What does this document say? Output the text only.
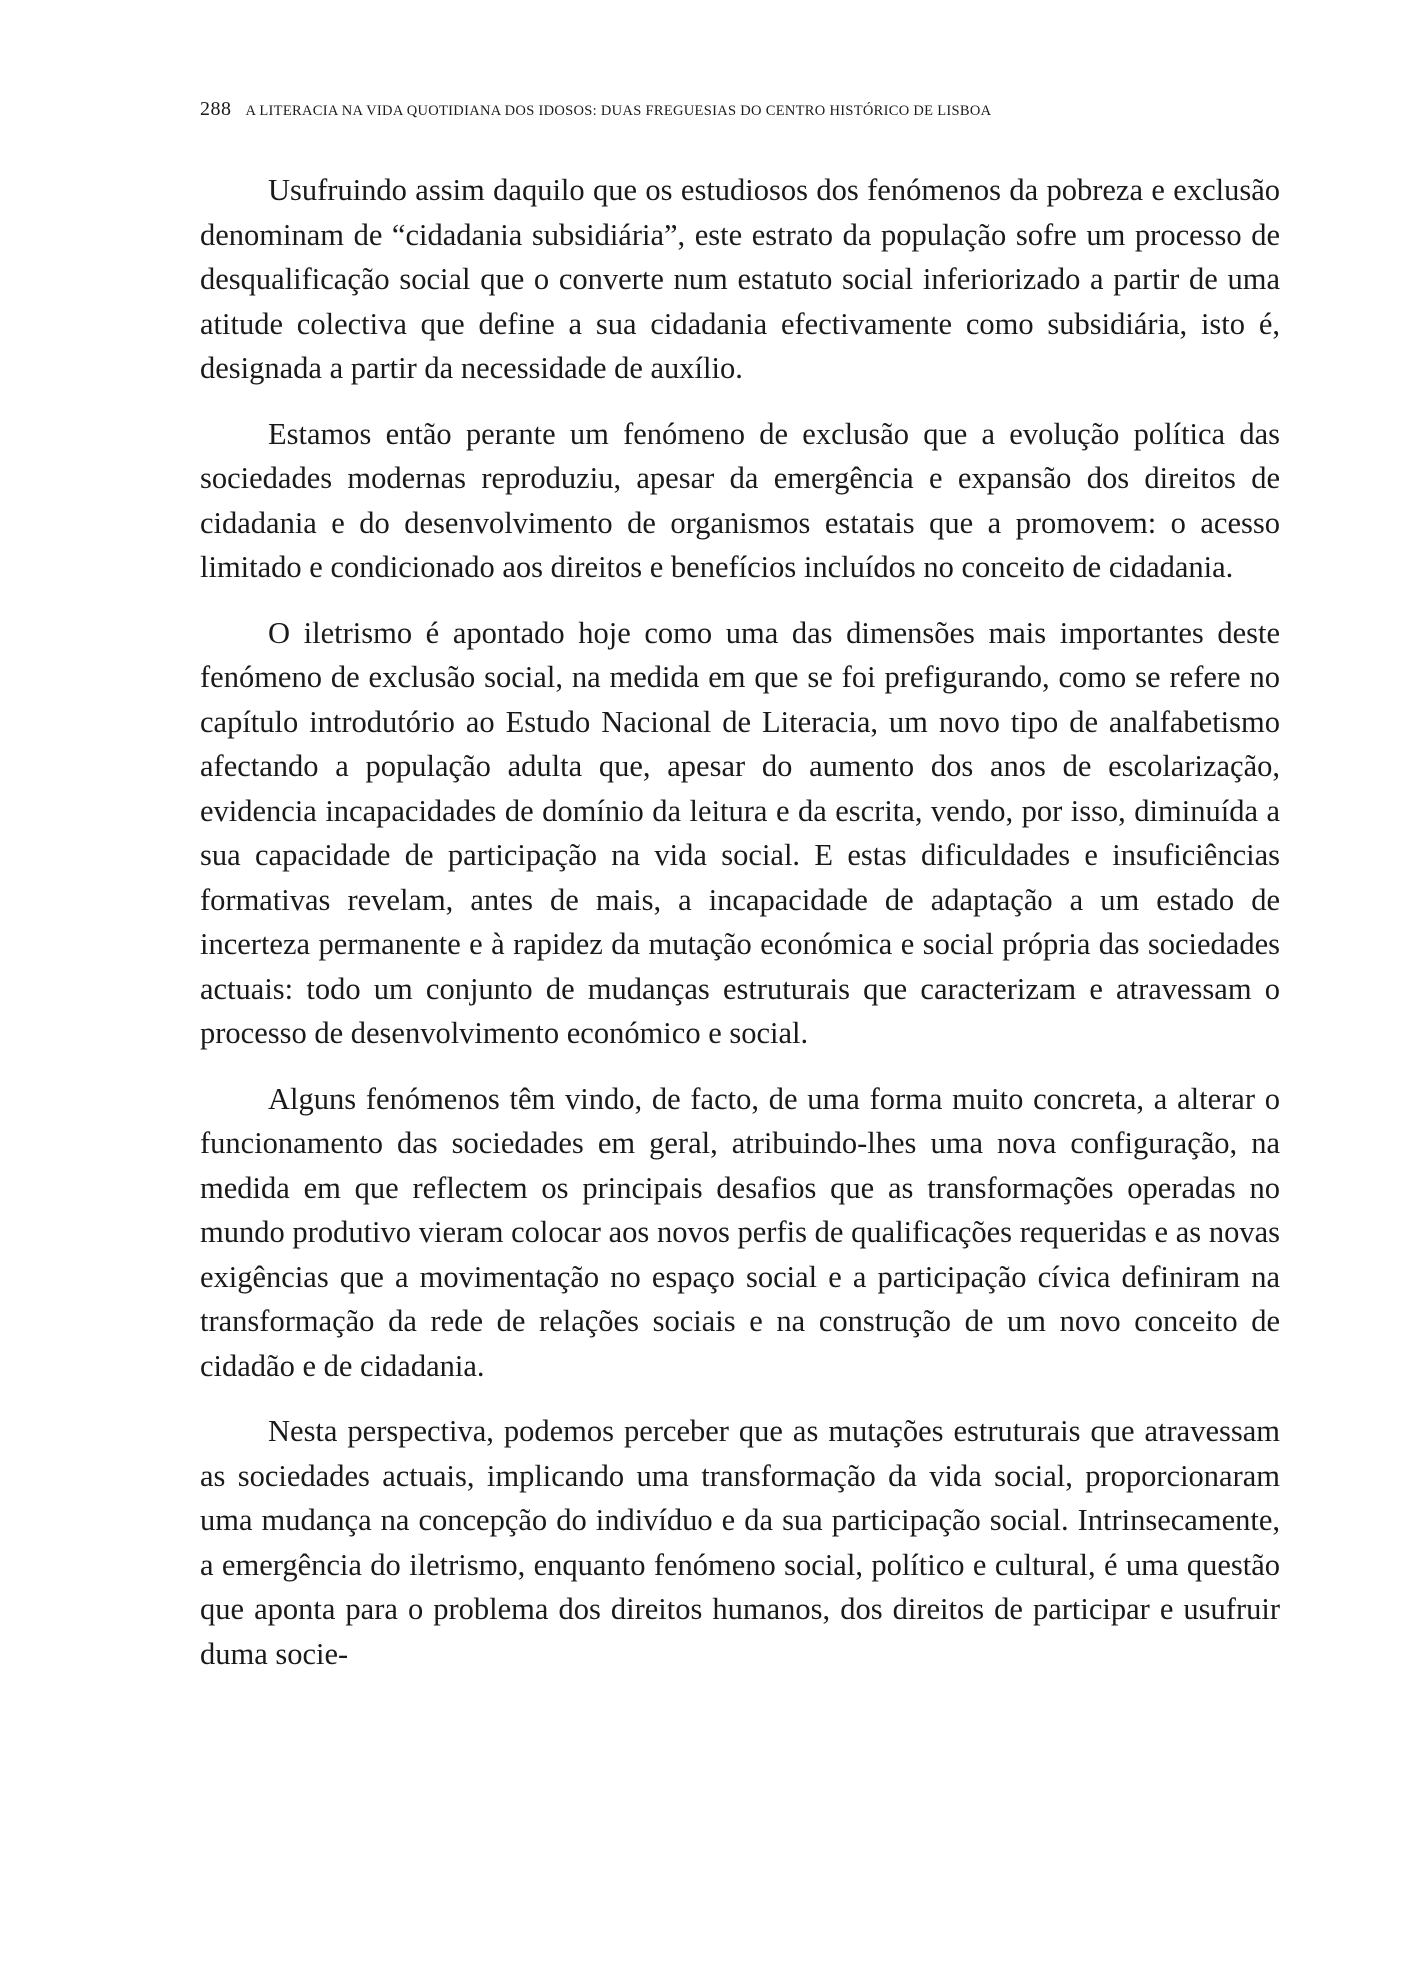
288 A LITERACIA NA VIDA QUOTIDIANA DOS IDOSOS: DUAS FREGUESIAS DO CENTRO HISTÓRICO DE LISBOA

Usufruindo assim daquilo que os estudiosos dos fenómenos da pobreza e exclusão denominam de “cidadania subsidiária”, este estrato da população sofre um processo de desqualificação social que o converte num estatuto social inferiorizado a partir de uma atitude colectiva que define a sua cidadania efectivamente como subsidiária, isto é, designada a partir da necessidade de auxílio.

Estamos então perante um fenómeno de exclusão que a evolução política das sociedades modernas reproduziu, apesar da emergência e expansão dos direitos de cidadania e do desenvolvimento de organismos estatais que a promovem: o acesso limitado e condicionado aos direitos e benefícios incluídos no conceito de cidadania.

O iletrismo é apontado hoje como uma das dimensões mais importantes deste fenómeno de exclusão social, na medida em que se foi prefigurando, como se refere no capítulo introdutório ao Estudo Nacional de Literacia, um novo tipo de analfabetismo afectando a população adulta que, apesar do aumento dos anos de escolarização, evidencia incapacidades de domínio da leitura e da escrita, vendo, por isso, diminuída a sua capacidade de participação na vida social. E estas dificuldades e insuficiências formativas revelam, antes de mais, a incapacidade de adaptação a um estado de incerteza permanente e à rapidez da mutação económica e social própria das sociedades actuais: todo um conjunto de mudanças estruturais que caracterizam e atravessam o processo de desenvolvimento económico e social.

Alguns fenómenos têm vindo, de facto, de uma forma muito concreta, a alterar o funcionamento das sociedades em geral, atribuindo-lhes uma nova configuração, na medida em que reflectem os principais desafios que as transformações operadas no mundo produtivo vieram colocar aos novos perfis de qualificações requeridas e as novas exigências que a movimentação no espaço social e a participação cívica definiram na transformação da rede de relações sociais e na construção de um novo conceito de cidadão e de cidadania.

Nesta perspectiva, podemos perceber que as mutações estruturais que atravessam as sociedades actuais, implicando uma transformação da vida social, proporcionaram uma mudança na concepção do indivíduo e da sua participação social. Intrinsecamente, a emergência do iletrismo, enquanto fenómeno social, político e cultural, é uma questão que aponta para o problema dos direitos humanos, dos direitos de participar e usufruir duma socie-
